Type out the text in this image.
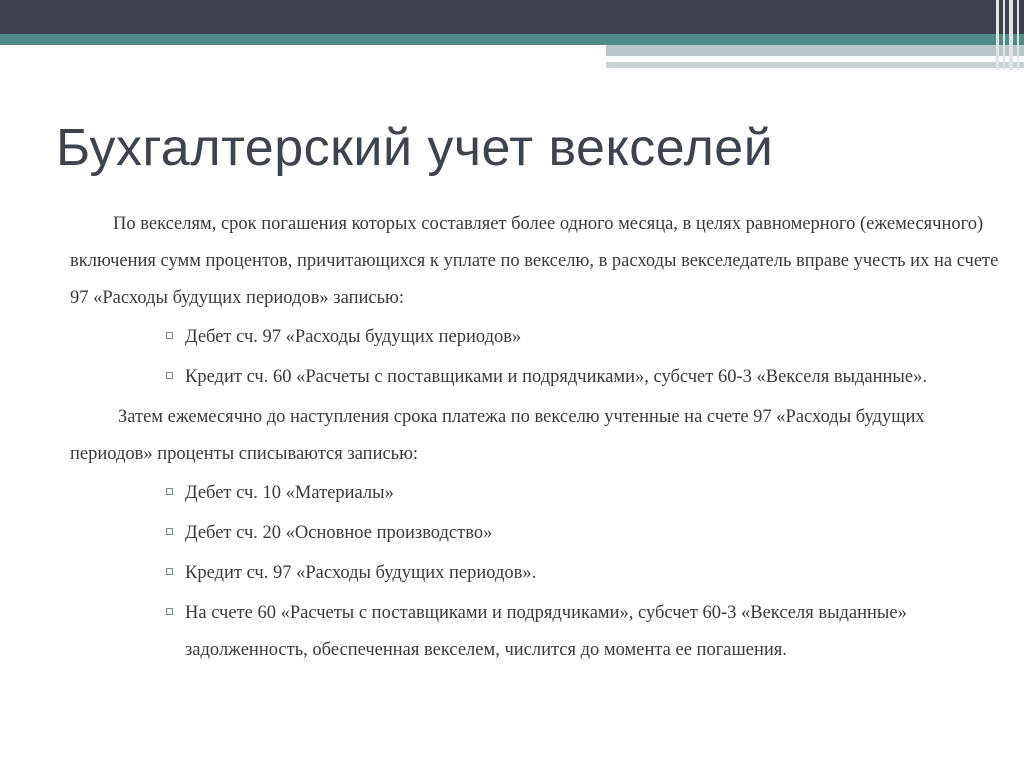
Бухгалтерский учет векселей

По векселям, срок погашения которых составляет более одного месяца, в целях равномерного (ежемесячного) включения сумм процентов, причитающихся к уплате по векселю, в расходы векселедатель вправе учесть их на счете 97 «Расходы будущих периодов» записью:

Дебет сч. 97 «Расходы будущих периодов»
Кредит сч. 60 «Расчеты с поставщиками и подрядчиками», субсчет 60-3 «Векселя выданные».

Затем ежемесячно до наступления срока платежа по векселю учтенные на счете 97 «Расходы будущих периодов» проценты списываются записью:

Дебет сч. 10 «Материалы»
Дебет сч. 20 «Основное производство»
Кредит сч. 97 «Расходы будущих периодов».
На счете 60 «Расчеты с поставщиками и подрядчиками», субсчет 60-3 «Векселя выданные» задолженность, обеспеченная векселем, числится до момента ее погашения.
